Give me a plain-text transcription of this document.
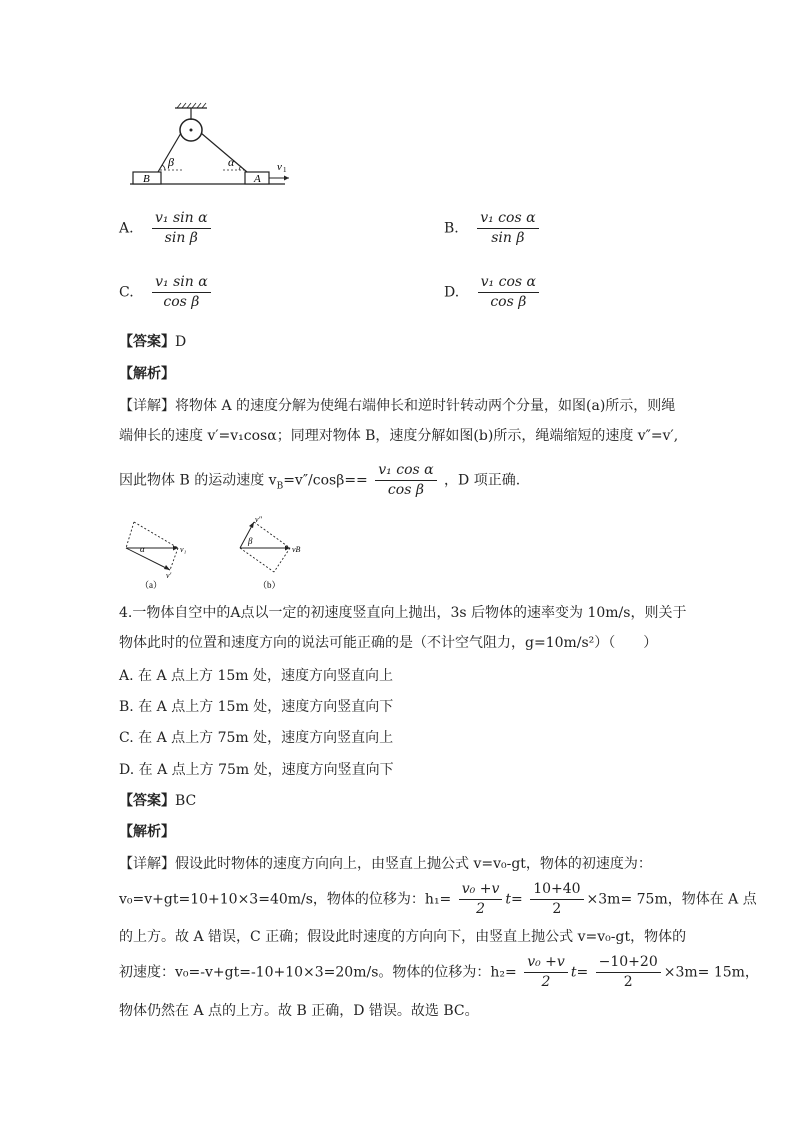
B	A
β	α	v 1
A. $\frac{\text{v₁ sin α}}{\text{sin β}}$	B. $\frac{\text{v₁ cos α}}{\text{sin β}}$
C. $\frac{\text{v₁ sin α}}{\text{cos β}}$	D. $\frac{\text{v₁ cos α}}{\text{cos β}}$
【答案】D
【解析】
【详解】将物体 A 的速度分解为使绳右端伸长和逆时针转动两个分量，如图(a)所示，则绳
端伸长的速度 v′=v₁cosα；同理对物体 B，速度分解如图(b)所示，绳端缩短的速度 v″=v′,
因此物体 B 的运动速度 $v_B=v''/\cos\beta== \frac{\text{v₁ cos α}}{\text{cos β}}$ ，D 项正确.
v₁
α
v′
（a）
v″
β
vB
（b）
4.一物体自空中的A点以一定的初速度竖直向上抛出，3s 后物体的速率变为 10m/s，则关于
物体此时的位置和速度方向的说法可能正确的是（不计空气阻力，g=10m/s²）（　　）
A. 在 A 点上方 15m 处，速度方向竖直向上
B. 在 A 点上方 15m 处，速度方向竖直向下
C. 在 A 点上方 75m 处，速度方向竖直向上
D. 在 A 点上方 75m 处，速度方向竖直向下
【答案】BC
【解析】
【详解】假设此时物体的速度方向向上，由竖直上抛公式 v=v₀-gt，物体的初速度为：
v₀=v+gt=10+10×3=40m/s，物体的位移为：$h_1= \frac{\text{v₀ +v}}{2} t= \frac{10+40}{2} \times 3m= 75m$，物体在 A 点
的上方。故 A 错误，C 正确；假设此时速度的方向向下，由竖直上抛公式 v=v₀-gt，物体的
初速度：v₀=-v+gt=-10+10×3=20m/s。物体的位移为：$h_2= \frac{\text{v₀ +v}}{2} t= \frac{-10+20}{2} \times 3m= 15m$，
物体仍然在 A 点的上方。故 B 正确，D 错误。故选 BC。
